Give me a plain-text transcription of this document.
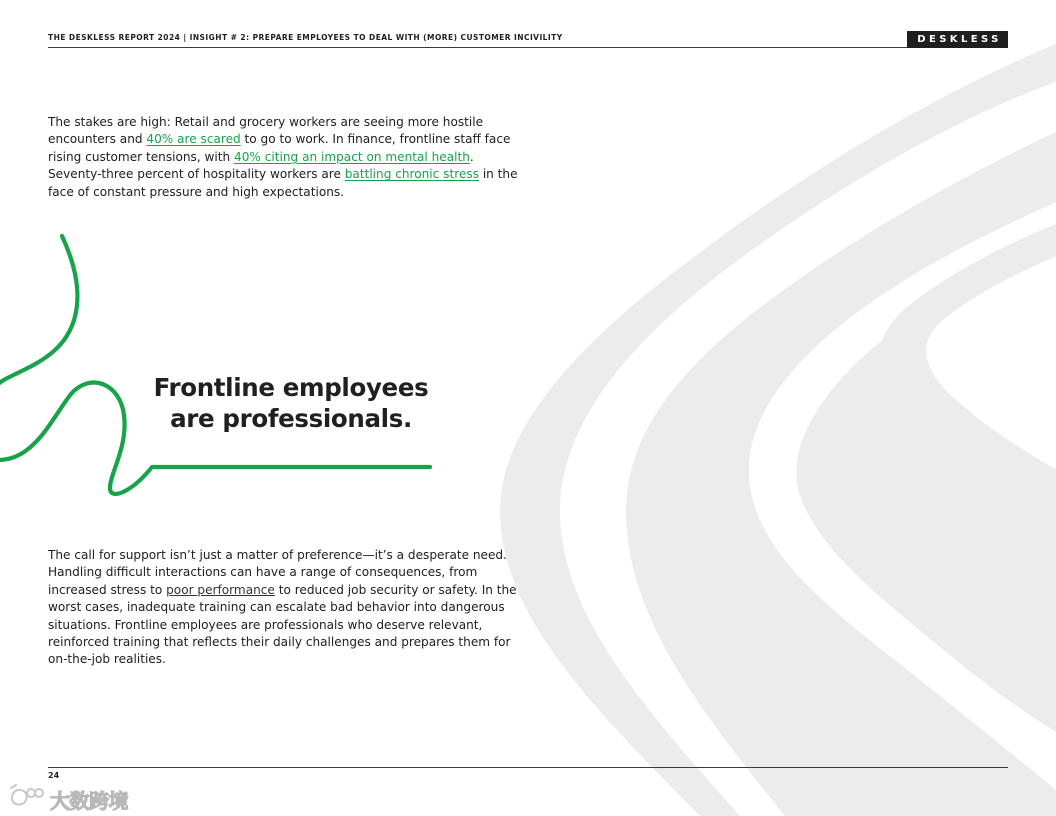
THE DESKLESS REPORT 2024 | INSIGHT # 2: PREPARE EMPLOYEES TO DEAL WITH (MORE) CUSTOMER INCIVILITY	DESKLESS
The stakes are high: Retail and grocery workers are seeing more hostile encounters and 40% are scared to go to work. In finance, frontline staff face rising customer tensions, with 40% citing an impact on mental health. Seventy-three percent of hospitality workers are battling chronic stress in the face of constant pressure and high expectations.
Frontline employees
are professionals.
The call for support isn’t just a matter of preference—it’s a desperate need. Handling difficult interactions can have a range of consequences, from increased stress to poor performance to reduced job security or safety. In the worst cases, inadequate training can escalate bad behavior into dangerous situations. Frontline employees are professionals who deserve relevant, reinforced training that reflects their daily challenges and prepares them for on-the-job realities.
24
大数跨境
